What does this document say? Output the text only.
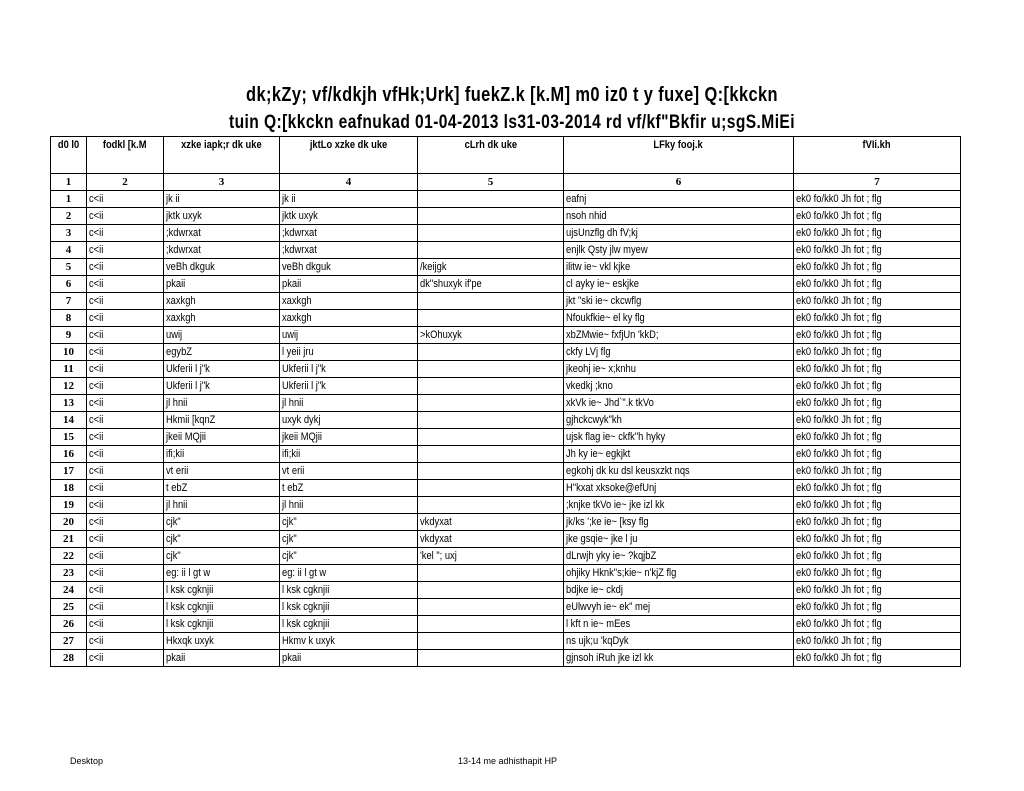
dk;kZy; vf/kdkjh vfHk;Urk] fuekZ.k [k.M] m0 iz0 t y fuxe] Q:[kkckn
tuin Q:[kkckn eafnukad 01-04-2013 ls31-03-2014 rd vf/kf"Bkfir u;sgS.MiEi
d0 l0	fodkl [k.M	xzke iapk;r dk uke	jktLo xzke dk uke	cLrh dk uke	LFky fooj.k	fVIi.kh
1	2	3	4	5	6	7
1	c<ii	jk ii	jk ii		eafnj	ek0 fo/kk0 Jh fot ; flg
2	c<ii	jktk uxyk	jktk uxyk		nsoh nhid	ek0 fo/kk0 Jh fot ; flg
3	c<ii	;kdwrxat	;kdwrxat		ujsUnzflg dh fV;kj	ek0 fo/kk0 Jh fot ; flg
4	c<ii	;kdwrxat	;kdwrxat		enjlk Qsty jlw myew	ek0 fo/kk0 Jh fot ; flg
5	c<ii	veBh dkguk	veBh dkguk	/keijgk	ilitw ie~ vkl kjke	ek0 fo/kk0 Jh fot ; flg
6	c<ii	pkaii	pkaii	dk"shuxyk if'pe	cl ayky ie~ eskjke	ek0 fo/kk0 Jh fot ; flg
7	c<ii	xaxkgh	xaxkgh		jkt "ski ie~ ckcwflg	ek0 fo/kk0 Jh fot ; flg
8	c<ii	xaxkgh	xaxkgh		Nfoukfkie~ el ky flg	ek0 fo/kk0 Jh fot ; flg
9	c<ii	uwij	uwij	>kOhuxyk	xbZMwie~ fxfjUn 'kkD;	ek0 fo/kk0 Jh fot ; flg
10	c<ii	egybZ	l yeii jru		ckfy LVj flg	ek0 fo/kk0 Jh fot ; flg
11	c<ii	Ukferii l j"k	Ukferii l j"k		jkeohj ie~ x;knhu	ek0 fo/kk0 Jh fot ; flg
12	c<ii	Ukferii l j"k	Ukferii l j"k		vkedkj ;kno	ek0 fo/kk0 Jh fot ; flg
13	c<ii	jl hnii	jl hnii		xkVk ie~ Jhd`".k tkVo	ek0 fo/kk0 Jh fot ; flg
14	c<ii	Hkmii [kqnZ	uxyk dykj		gjhckcwyk"kh	ek0 fo/kk0 Jh fot ; flg
15	c<ii	jkeii MQjii	jkeii MQjii		ujsk flag ie~ ckfk"h hyky	ek0 fo/kk0 Jh fot ; flg
16	c<ii	ifi;kii	ifi;kii		Jh ky ie~ egkjkt	ek0 fo/kk0 Jh fot ; flg
17	c<ii	vt erii	vt erii		egkohj dk ku dsl keusxzkt nqs	ek0 fo/kk0 Jh fot ; flg
18	c<ii	t ebZ	t ebZ		H"kxat xksoke@efUnj	ek0 fo/kk0 Jh fot ; flg
19	c<ii	jl hnii	jl hnii		;knjke tkVo ie~ jke izl kk	ek0 fo/kk0 Jh fot ; flg
20	c<ii	cjk"	cjk"	vkdyxat	jk/ks ';ke ie~ [ksy flg	ek0 fo/kk0 Jh fot ; flg
21	c<ii	cjk"	cjk"	vkdyxat	jke gsqie~ jke l ju	ek0 fo/kk0 Jh fot ; flg
22	c<ii	cjk"	cjk"	'kel "; uxj	dLrwjh yky ie~ ?kqjbZ	ek0 fo/kk0 Jh fot ; flg
23	c<ii	eg: ii l gt w	eg: ii l gt w		ohjiky Hknk"s;kie~ n'kjZ flg	ek0 fo/kk0 Jh fot ; flg
24	c<ii	l ksk cgknjii	l ksk cgknjii		bdjke ie~ ckdj	ek0 fo/kk0 Jh fot ; flg
25	c<ii	l ksk cgknjii	l ksk cgknjii		eUlwvyh ie~ ek" mej	ek0 fo/kk0 Jh fot ; flg
26	c<ii	l ksk cgknjii	l ksk cgknjii		l kft n ie~ mEes	ek0 fo/kk0 Jh fot ; flg
27	c<ii	Hkxqk uxyk	Hkmv k uxyk		ns ujk;u 'kqDyk	ek0 fo/kk0 Jh fot ; flg
28	c<ii	pkaii	pkaii		gjnsoh iRuh jke izl kk	ek0 fo/kk0 Jh fot ; flg
Desktop	13-14 me adhisthapit HP
